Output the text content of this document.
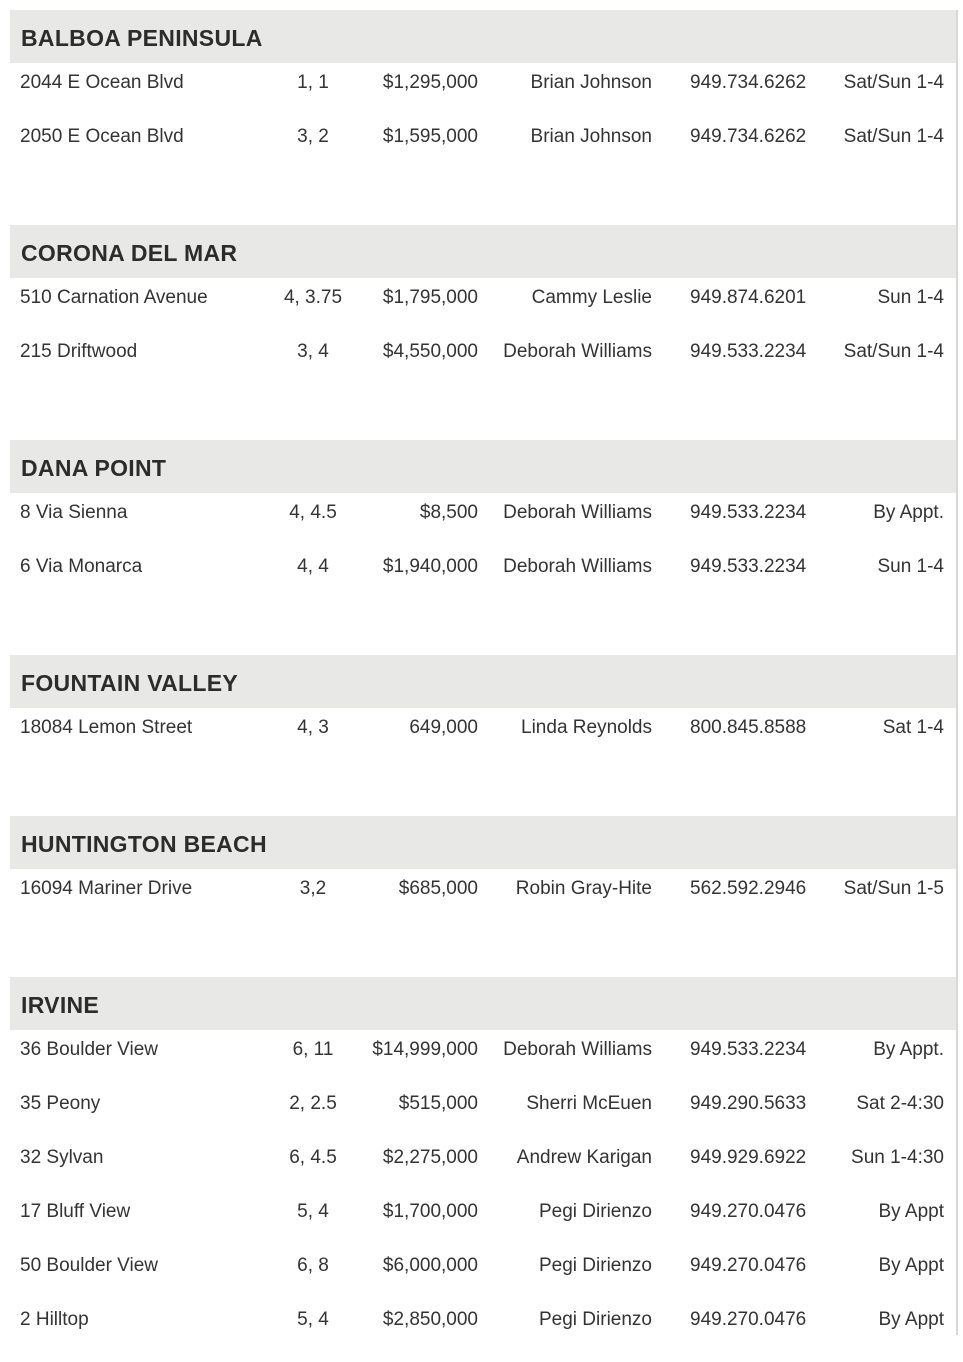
BALBOA PENINSULA
2044 E Ocean Blvd	1, 1	$1,295,000	Brian Johnson 949.734.6262 Sat/Sun 1-4
2050 E Ocean Blvd	3, 2	$1,595,000	Brian Johnson 949.734.6262 Sat/Sun 1-4
CORONA DEL MAR
510 Carnation Avenue	4, 3.75 $1,795,000	Cammy Leslie 949.874.6201	Sun 1-4
215 Driftwood	3, 4	$4,550,000 Deborah Williams 949.533.2234 Sat/Sun 1-4
DANA POINT
8 Via Sienna	4, 4.5	$8,500 Deborah Williams 949.533.2234	By Appt.
6 Via Monarca	4, 4	$1,940,000 Deborah Williams 949.533.2234	Sun 1-4
FOUNTAIN VALLEY
18084 Lemon Street	4, 3	649,000 Linda Reynolds 800.845.8588	Sat 1-4
HUNTINGTON BEACH
16094 Mariner Drive	3,2	$685,000 Robin Gray-Hite 562.592.2946 Sat/Sun 1-5
IRVINE
36 Boulder View	6, 11	$14,999,000 Deborah Williams 949.533.2234	By Appt.
35 Peony	2, 2.5	$515,000	Sherri McEuen 949.290.5633	Sat 2-4:30
32 Sylvan	6, 4.5	$2,275,000 Andrew Karigan 949.929.6922 Sun 1-4:30
17 Bluff View	5, 4	$1,700,000	Pegi Dirienzo 949.270.0476	By Appt
50 Boulder View	6, 8	$6,000,000	Pegi Dirienzo 949.270.0476	By Appt
2 Hilltop	5, 4	$2,850,000	Pegi Dirienzo 949.270.0476	By Appt
